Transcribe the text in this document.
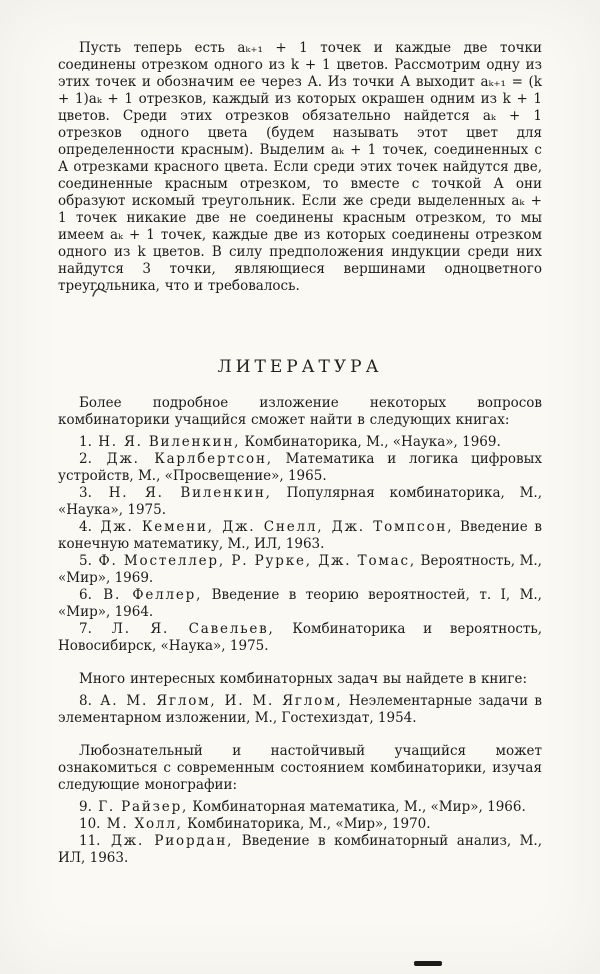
Пусть теперь есть aₖ₊₁ + 1 точек и каждые две точки соединены отрезком одного из k + 1 цветов. Рассмотрим одну из этих точек и обозначим ее через А. Из точки А выходит aₖ₊₁ = (k + 1)aₖ + 1 отрезков, каждый из которых окрашен одним из k + 1 цветов. Среди этих отрезков обязательно найдется aₖ + 1 отрезков одного цвета (будем называть этот цвет для определенности красным). Выделим aₖ + 1 точек, соединенных с А отрезками красного цвета. Если среди этих точек найдутся две, соединенные красным отрезком, то вместе с точкой А они образуют искомый треугольник. Если же среди выделенных aₖ + 1 точек никакие две не соединены красным отрезком, то мы имеем aₖ + 1 точек, каждые две из которых соединены отрезком одного из k цветов. В силу предположения индукции среди них найдутся 3 точки, являющиеся вершинами одноцветного треугольника, что и требовалось.

ЛИТЕРАТУРА

Более подробное изложение некоторых вопросов комбинаторики учащийся сможет найти в следующих книгах:

1. Н. Я. Виленкин, Комбинаторика, М., «Наука», 1969.

2. Дж. Карлбертсон, Математика и логика цифровых устройств, М., «Просвещение», 1965.

3. Н. Я. Виленкин, Популярная комбинаторика, М., «Наука», 1975.

4. Дж. Кемени, Дж. Снелл, Дж. Томпсон, Введение в конечную математику, М., ИЛ, 1963.

5. Ф. Мостеллер, Р. Рурке, Дж. Томас, Вероятность, М., «Мир», 1969.

6. В. Феллер, Введение в теорию вероятностей, т. I, М., «Мир», 1964.

7. Л. Я. Савельев, Комбинаторика и вероятность, Новосибирск, «Наука», 1975.

Много интересных комбинаторных задач вы найдете в книге:

8. А. М. Яглом, И. М. Яглом, Неэлементарные задачи в элементарном изложении, М., Гостехиздат, 1954.

Любознательный и настойчивый учащийся может ознакомиться с современным состоянием комбинаторики, изучая следующие монографии:

9. Г. Райзер, Комбинаторная математика, М., «Мир», 1966.

10. М. Холл, Комбинаторика, М., «Мир», 1970.

11. Дж. Риордан, Введение в комбинаторный анализ, М., ИЛ, 1963.
